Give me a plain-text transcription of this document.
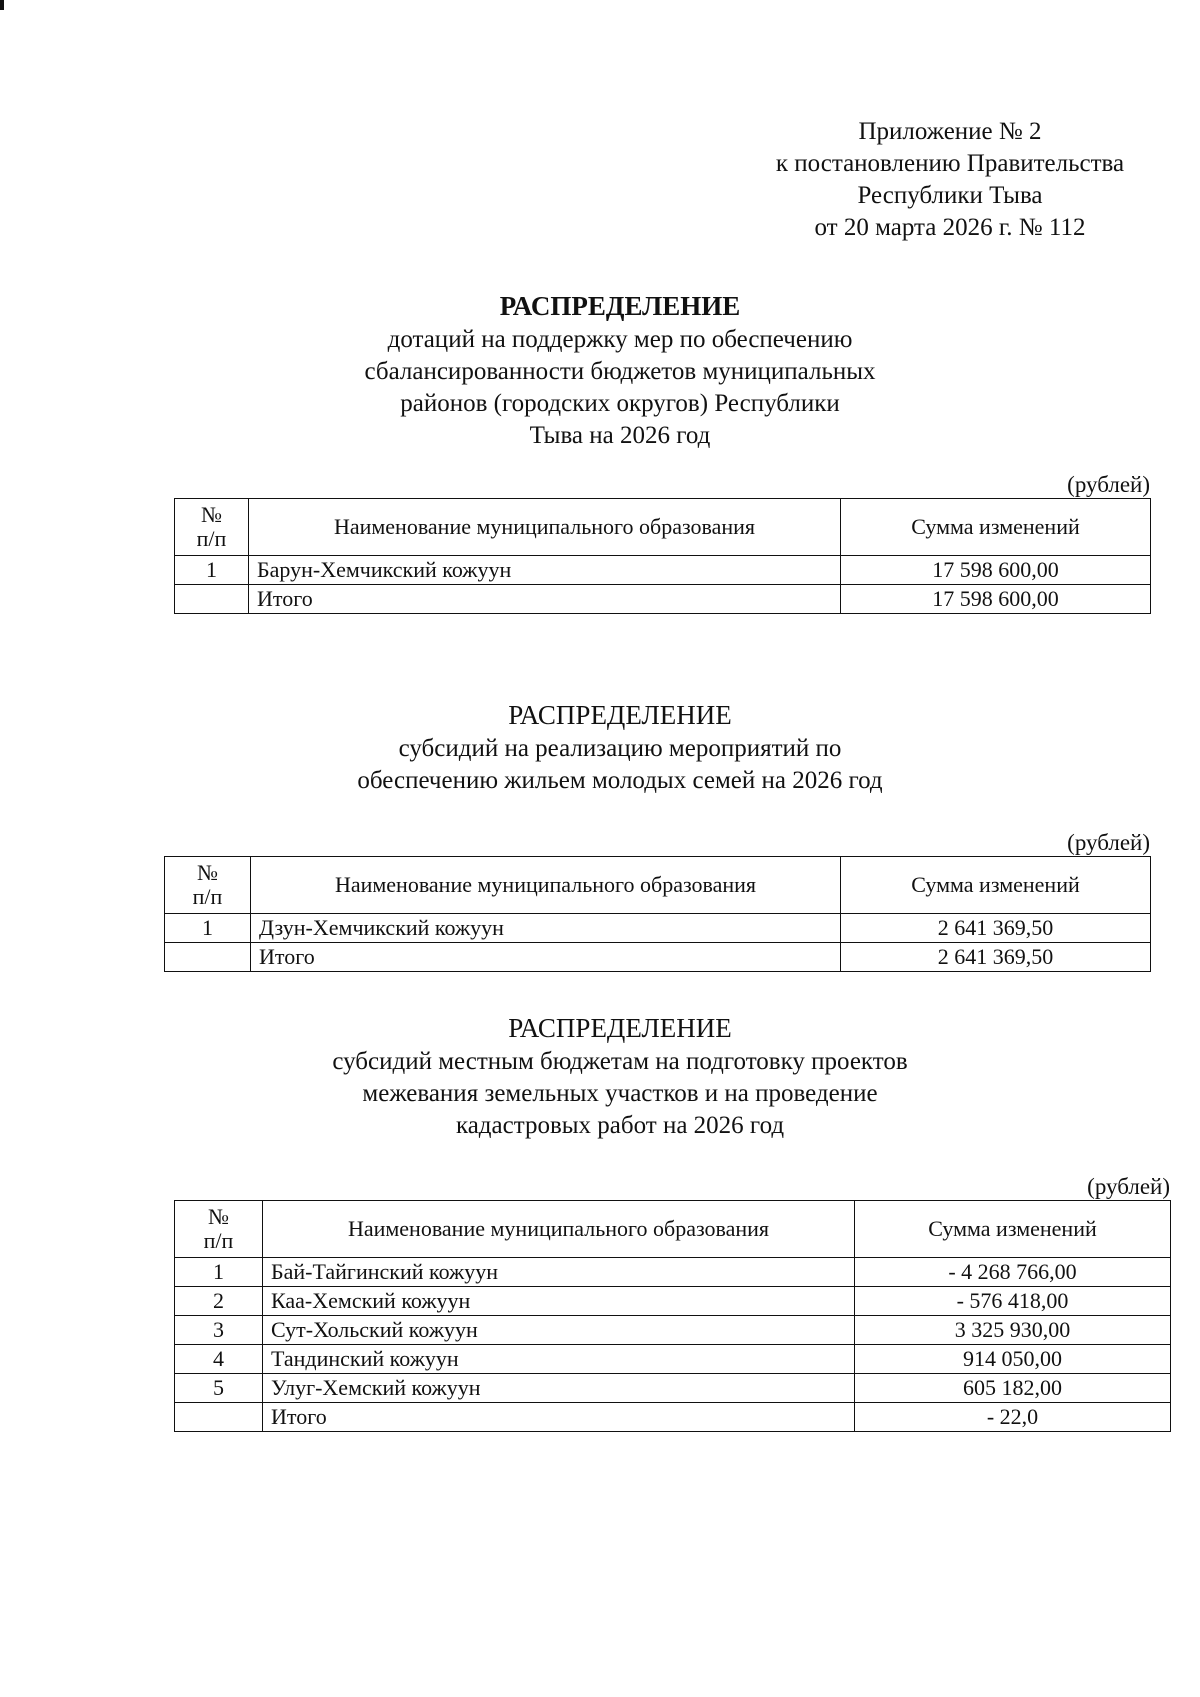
Приложение № 2
к постановлению Правительства
Республики Тыва
от 20 марта 2026 г. № 112
РАСПРЕДЕЛЕНИЕ
дотаций на поддержку мер по обеспечению
сбалансированности бюджетов муниципальных
районов (городских округов) Республики
Тыва на 2026 год
(рублей)
№
п/п	Наименование муниципального образования	Сумма изменений
1	Барун-Хемчикский кожуун	17 598 600,00
	Итого	17 598 600,00
РАСПРЕДЕЛЕНИЕ
субсидий на реализацию мероприятий по
обеспечению жильем молодых семей на 2026 год
(рублей)
№
п/п	Наименование муниципального образования	Сумма изменений
1	Дзун-Хемчикский кожуун	2 641 369,50
	Итого	2 641 369,50
РАСПРЕДЕЛЕНИЕ
субсидий местным бюджетам на подготовку проектов
межевания земельных участков и на проведение
кадастровых работ на 2026 год
(рублей)
№
п/п	Наименование муниципального образования	Сумма изменений
1	Бай-Тайгинский кожуун	- 4 268 766,00
2	Каа-Хемский кожуун	- 576 418,00
3	Сут-Хольский кожуун	3 325 930,00
4	Тандинский кожуун	914 050,00
5	Улуг-Хемский кожуун	605 182,00
	Итого	- 22,0
